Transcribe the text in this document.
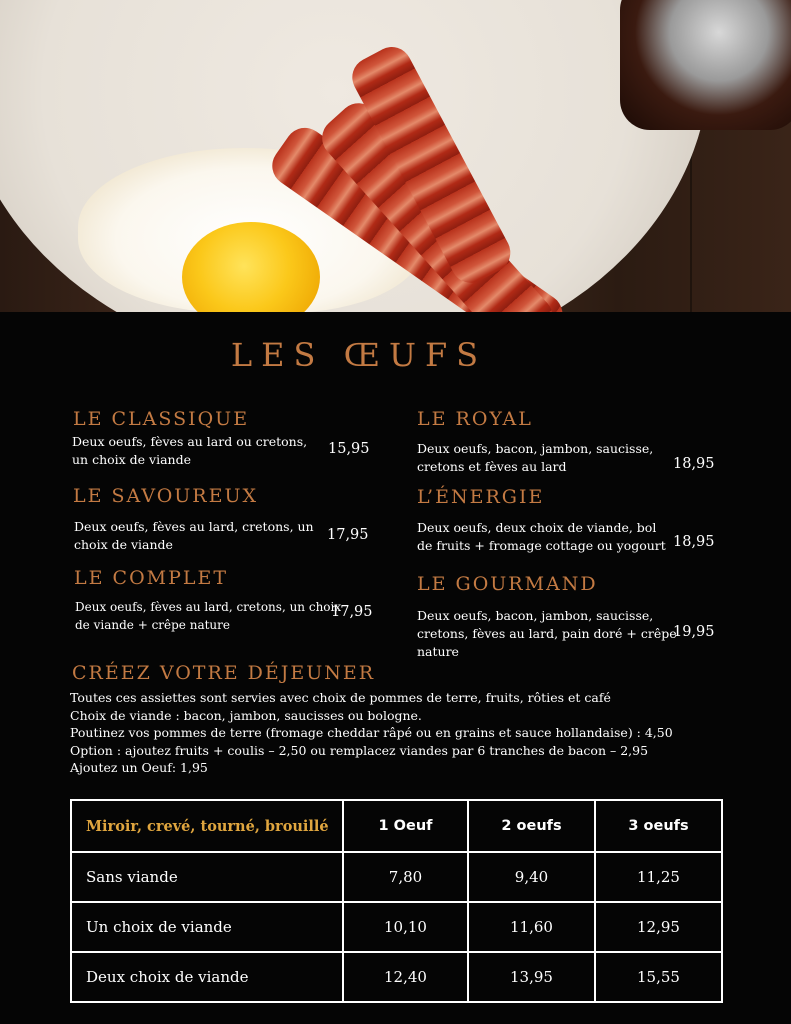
LES ŒUFS
LE CLASSIQUE
Deux oeufs, fèves au lard ou cretons,
un choix de viande
15,95
LE SAVOUREUX
Deux oeufs, fèves au lard, cretons, un
choix de viande
17,95
LE COMPLET
Deux oeufs, fèves au lard, cretons, un choix
de viande + crêpe nature
17,95
LE ROYAL
Deux oeufs, bacon, jambon, saucisse,
cretons et fèves au lard	18,95
L’ÉNERGIE
Deux oeufs, deux choix de viande, bol
de fruits + fromage cottage ou yogourt 18,95
LE GOURMAND
Deux oeufs, bacon, jambon, saucisse,
cretons, fèves au lard, pain doré + crêpe
nature
19,95
CRÉEZ VOTRE DÉJEUNER
Toutes ces assiettes sont servies avec choix de pommes de terre, fruits, rôties et café
Choix de viande : bacon, jambon, saucisses ou bologne.
Poutinez vos pommes de terre (fromage cheddar râpé ou en grains et sauce hollandaise) : 4,50
Option : ajoutez fruits + coulis – 2,50 ou remplacez viandes par 6 tranches de bacon – 2,95
Ajoutez un Oeuf: 1,95
Miroir, crevé, tourné, brouillé	1 Oeuf	2 oeufs	3 oeufs
Sans viande	7,80	9,40	11,25
Un choix de viande	10,10	11,60	12,95
Deux choix de viande	12,40	13,95	15,55
